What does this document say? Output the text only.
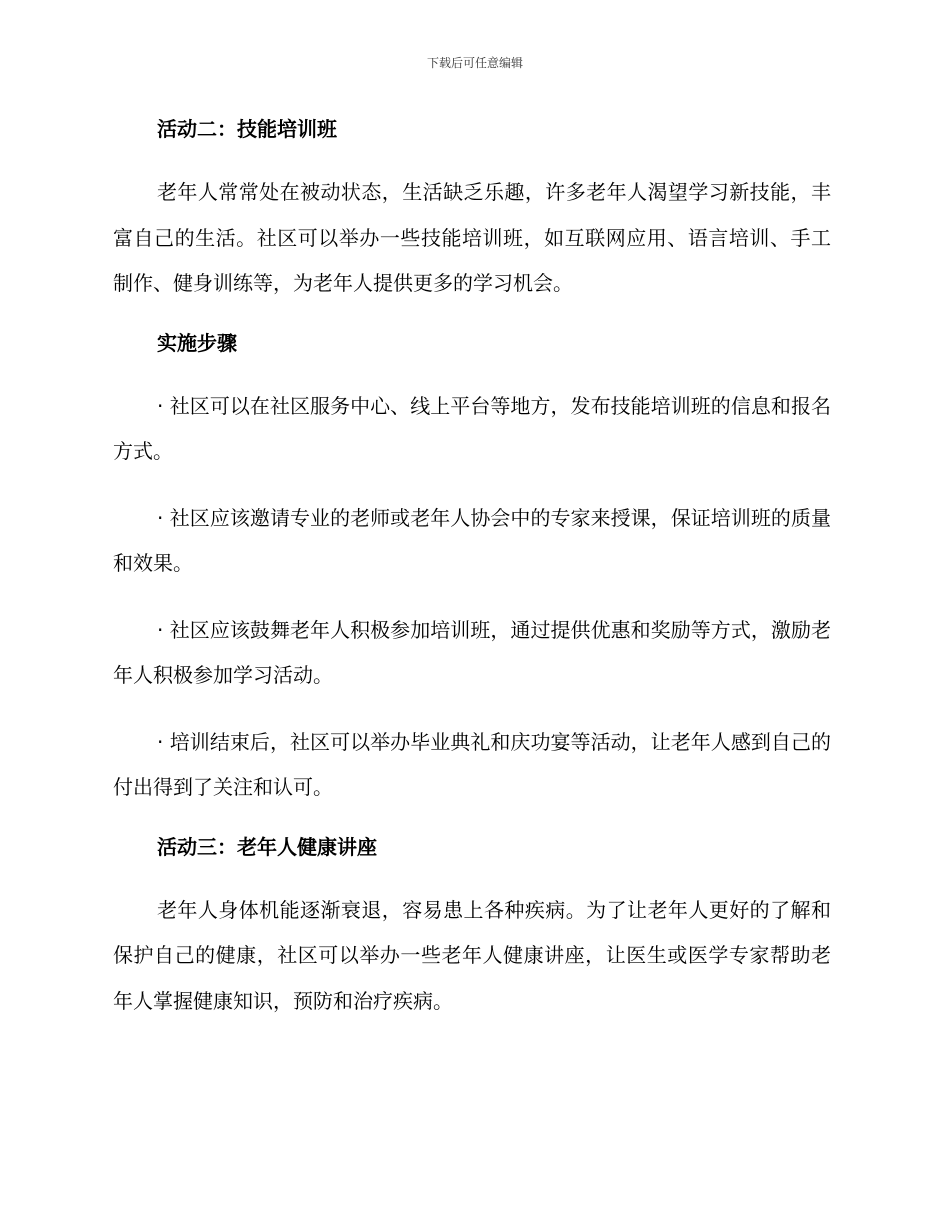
下载后可任意编辑
活动二：技能培训班

老年人常常处在被动状态，生活缺乏乐趣，许多老年人渴望学习新技能，丰富自己的生活。社区可以举办一些技能培训班，如互联网应用、语言培训、手工制作、健身训练等，为老年人提供更多的学习机会。

实施步骤

· 社区可以在社区服务中心、线上平台等地方，发布技能培训班的信息和报名方式。

· 社区应该邀请专业的老师或老年人协会中的专家来授课，保证培训班的质量和效果。

· 社区应该鼓舞老年人积极参加培训班，通过提供优惠和奖励等方式，激励老年人积极参加学习活动。

· 培训结束后，社区可以举办毕业典礼和庆功宴等活动，让老年人感到自己的付出得到了关注和认可。

活动三：老年人健康讲座

老年人身体机能逐渐衰退，容易患上各种疾病。为了让老年人更好的了解和保护自己的健康，社区可以举办一些老年人健康讲座，让医生或医学专家帮助老年人掌握健康知识，预防和治疗疾病。
